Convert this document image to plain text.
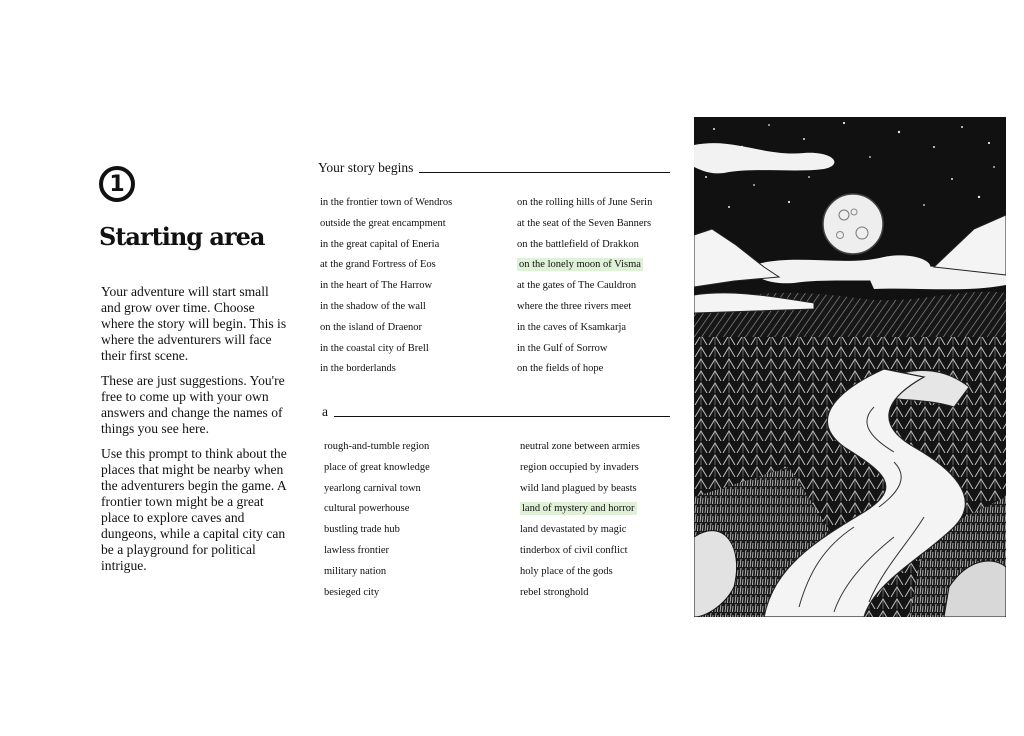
1
Starting area

Your adventure will start small and grow over time. Choose where the story will begin. This is where the adventurers will face their first scene.

These are just suggestions. You're free to come up with your own answers and change the names of things you see here.

Use this prompt to think about the places that might be nearby when the adventurers begin the game. A frontier town might be a great place to explore caves and dungeons, while a capital city can be a playground for political intrigue.

Your story begins
in the frontier town of Wendros
outside the great encampment
in the great capital of Eneria
at the grand Fortress of Eos
in the heart of The Harrow
in the shadow of the wall
on the island of Draenor
in the coastal city of Brell
in the borderlands
on the rolling hills of June Serin
at the seat of the Seven Banners
on the battlefield of Drakkon
on the lonely moon of Visma
at the gates of The Cauldron
where the three rivers meet
in the caves of Ksamkarja
in the Gulf of Sorrow
on the fields of hope
a
rough-and-tumble region
place of great knowledge
yearlong carnival town
cultural powerhouse
bustling trade hub
lawless frontier
military nation
besieged city
neutral zone between armies
region occupied by invaders
wild land plagued by beasts
land of mystery and horror
land devastated by magic
tinderbox of civil conflict
holy place of the gods
rebel stronghold
